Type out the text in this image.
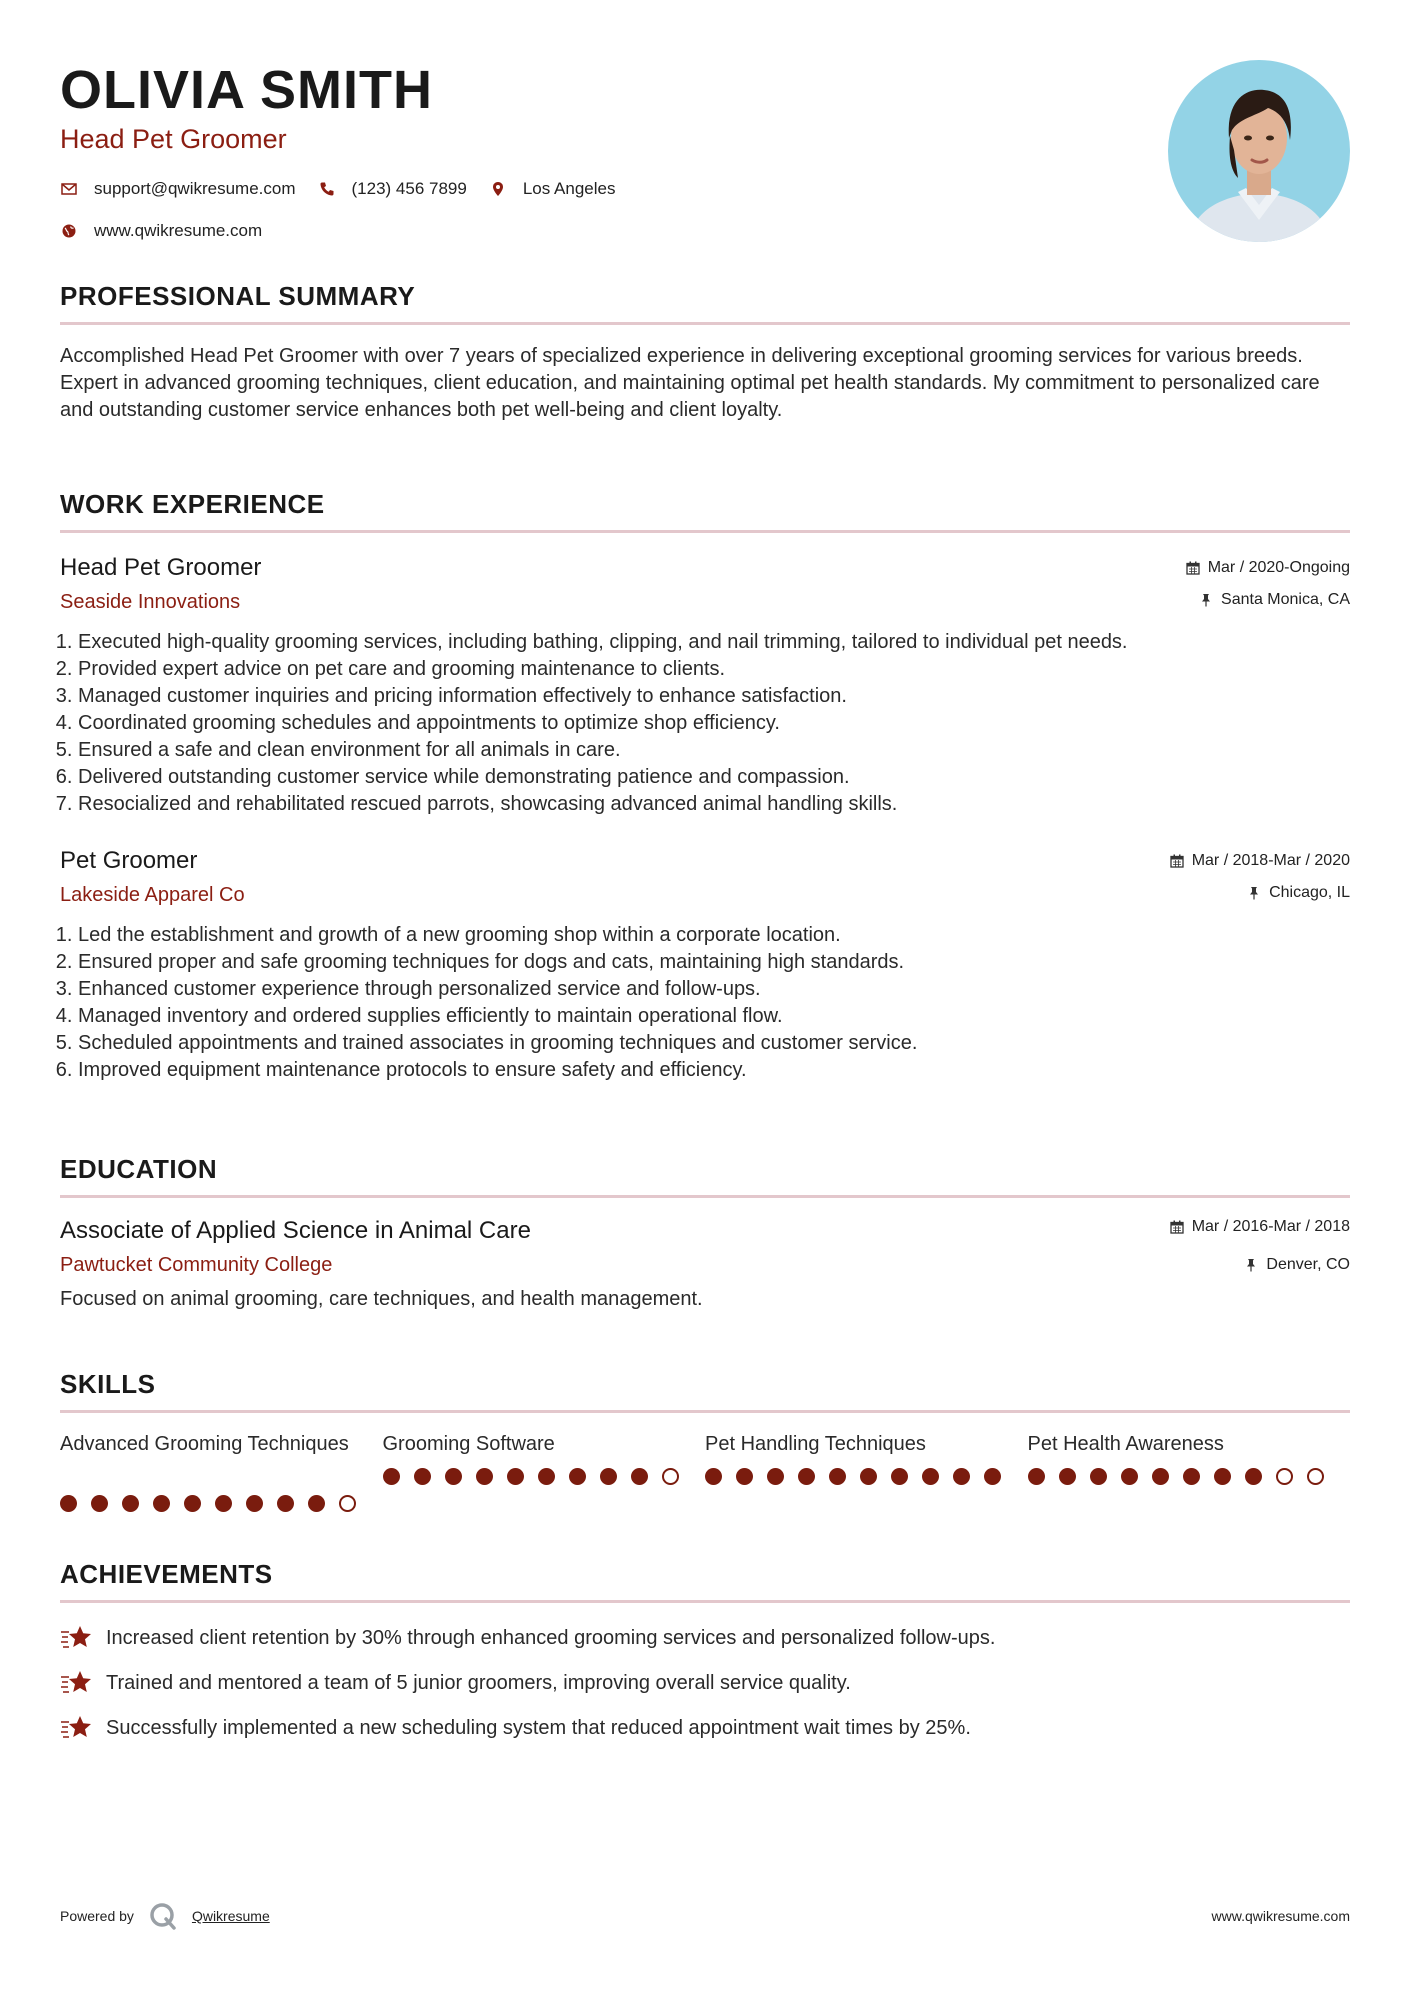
OLIVIA SMITH
Head Pet Groomer
support@qwikresume.com	(123) 456 7899	Los Angeles
www.qwikresume.com
PROFESSIONAL SUMMARY
Accomplished Head Pet Groomer with over 7 years of specialized experience in delivering exceptional grooming services for various breeds. Expert in advanced grooming techniques, client education, and maintaining optimal pet health standards. My commitment to personalized care and outstanding customer service enhances both pet well-being and client loyalty.
WORK EXPERIENCE
Head Pet Groomer
Seaside Innovations
Mar / 2020-Ongoing
Santa Monica, CA
1. Executed high-quality grooming services, including bathing, clipping, and nail trimming, tailored to individual pet needs.
2. Provided expert advice on pet care and grooming maintenance to clients.
3. Managed customer inquiries and pricing information effectively to enhance satisfaction.
4. Coordinated grooming schedules and appointments to optimize shop efficiency.
5. Ensured a safe and clean environment for all animals in care.
6. Delivered outstanding customer service while demonstrating patience and compassion.
7. Resocialized and rehabilitated rescued parrots, showcasing advanced animal handling skills.
Pet Groomer
Lakeside Apparel Co
Mar / 2018-Mar / 2020
Chicago, IL
1. Led the establishment and growth of a new grooming shop within a corporate location.
2. Ensured proper and safe grooming techniques for dogs and cats, maintaining high standards.
3. Enhanced customer experience through personalized service and follow-ups.
4. Managed inventory and ordered supplies efficiently to maintain operational flow.
5. Scheduled appointments and trained associates in grooming techniques and customer service.
6. Improved equipment maintenance protocols to ensure safety and efficiency.
EDUCATION
Associate of Applied Science in Animal Care
Pawtucket Community College
Mar / 2016-Mar / 2018
Denver, CO
Focused on animal grooming, care techniques, and health management.
SKILLS
Advanced Grooming Techniques	Grooming Software	Pet Handling Techniques	Pet Health Awareness
ACHIEVEMENTS
Increased client retention by 30% through enhanced grooming services and personalized follow-ups.
Trained and mentored a team of 5 junior groomers, improving overall service quality.
Successfully implemented a new scheduling system that reduced appointment wait times by 25%.
Powered by	Qwikresume	www.qwikresume.com
